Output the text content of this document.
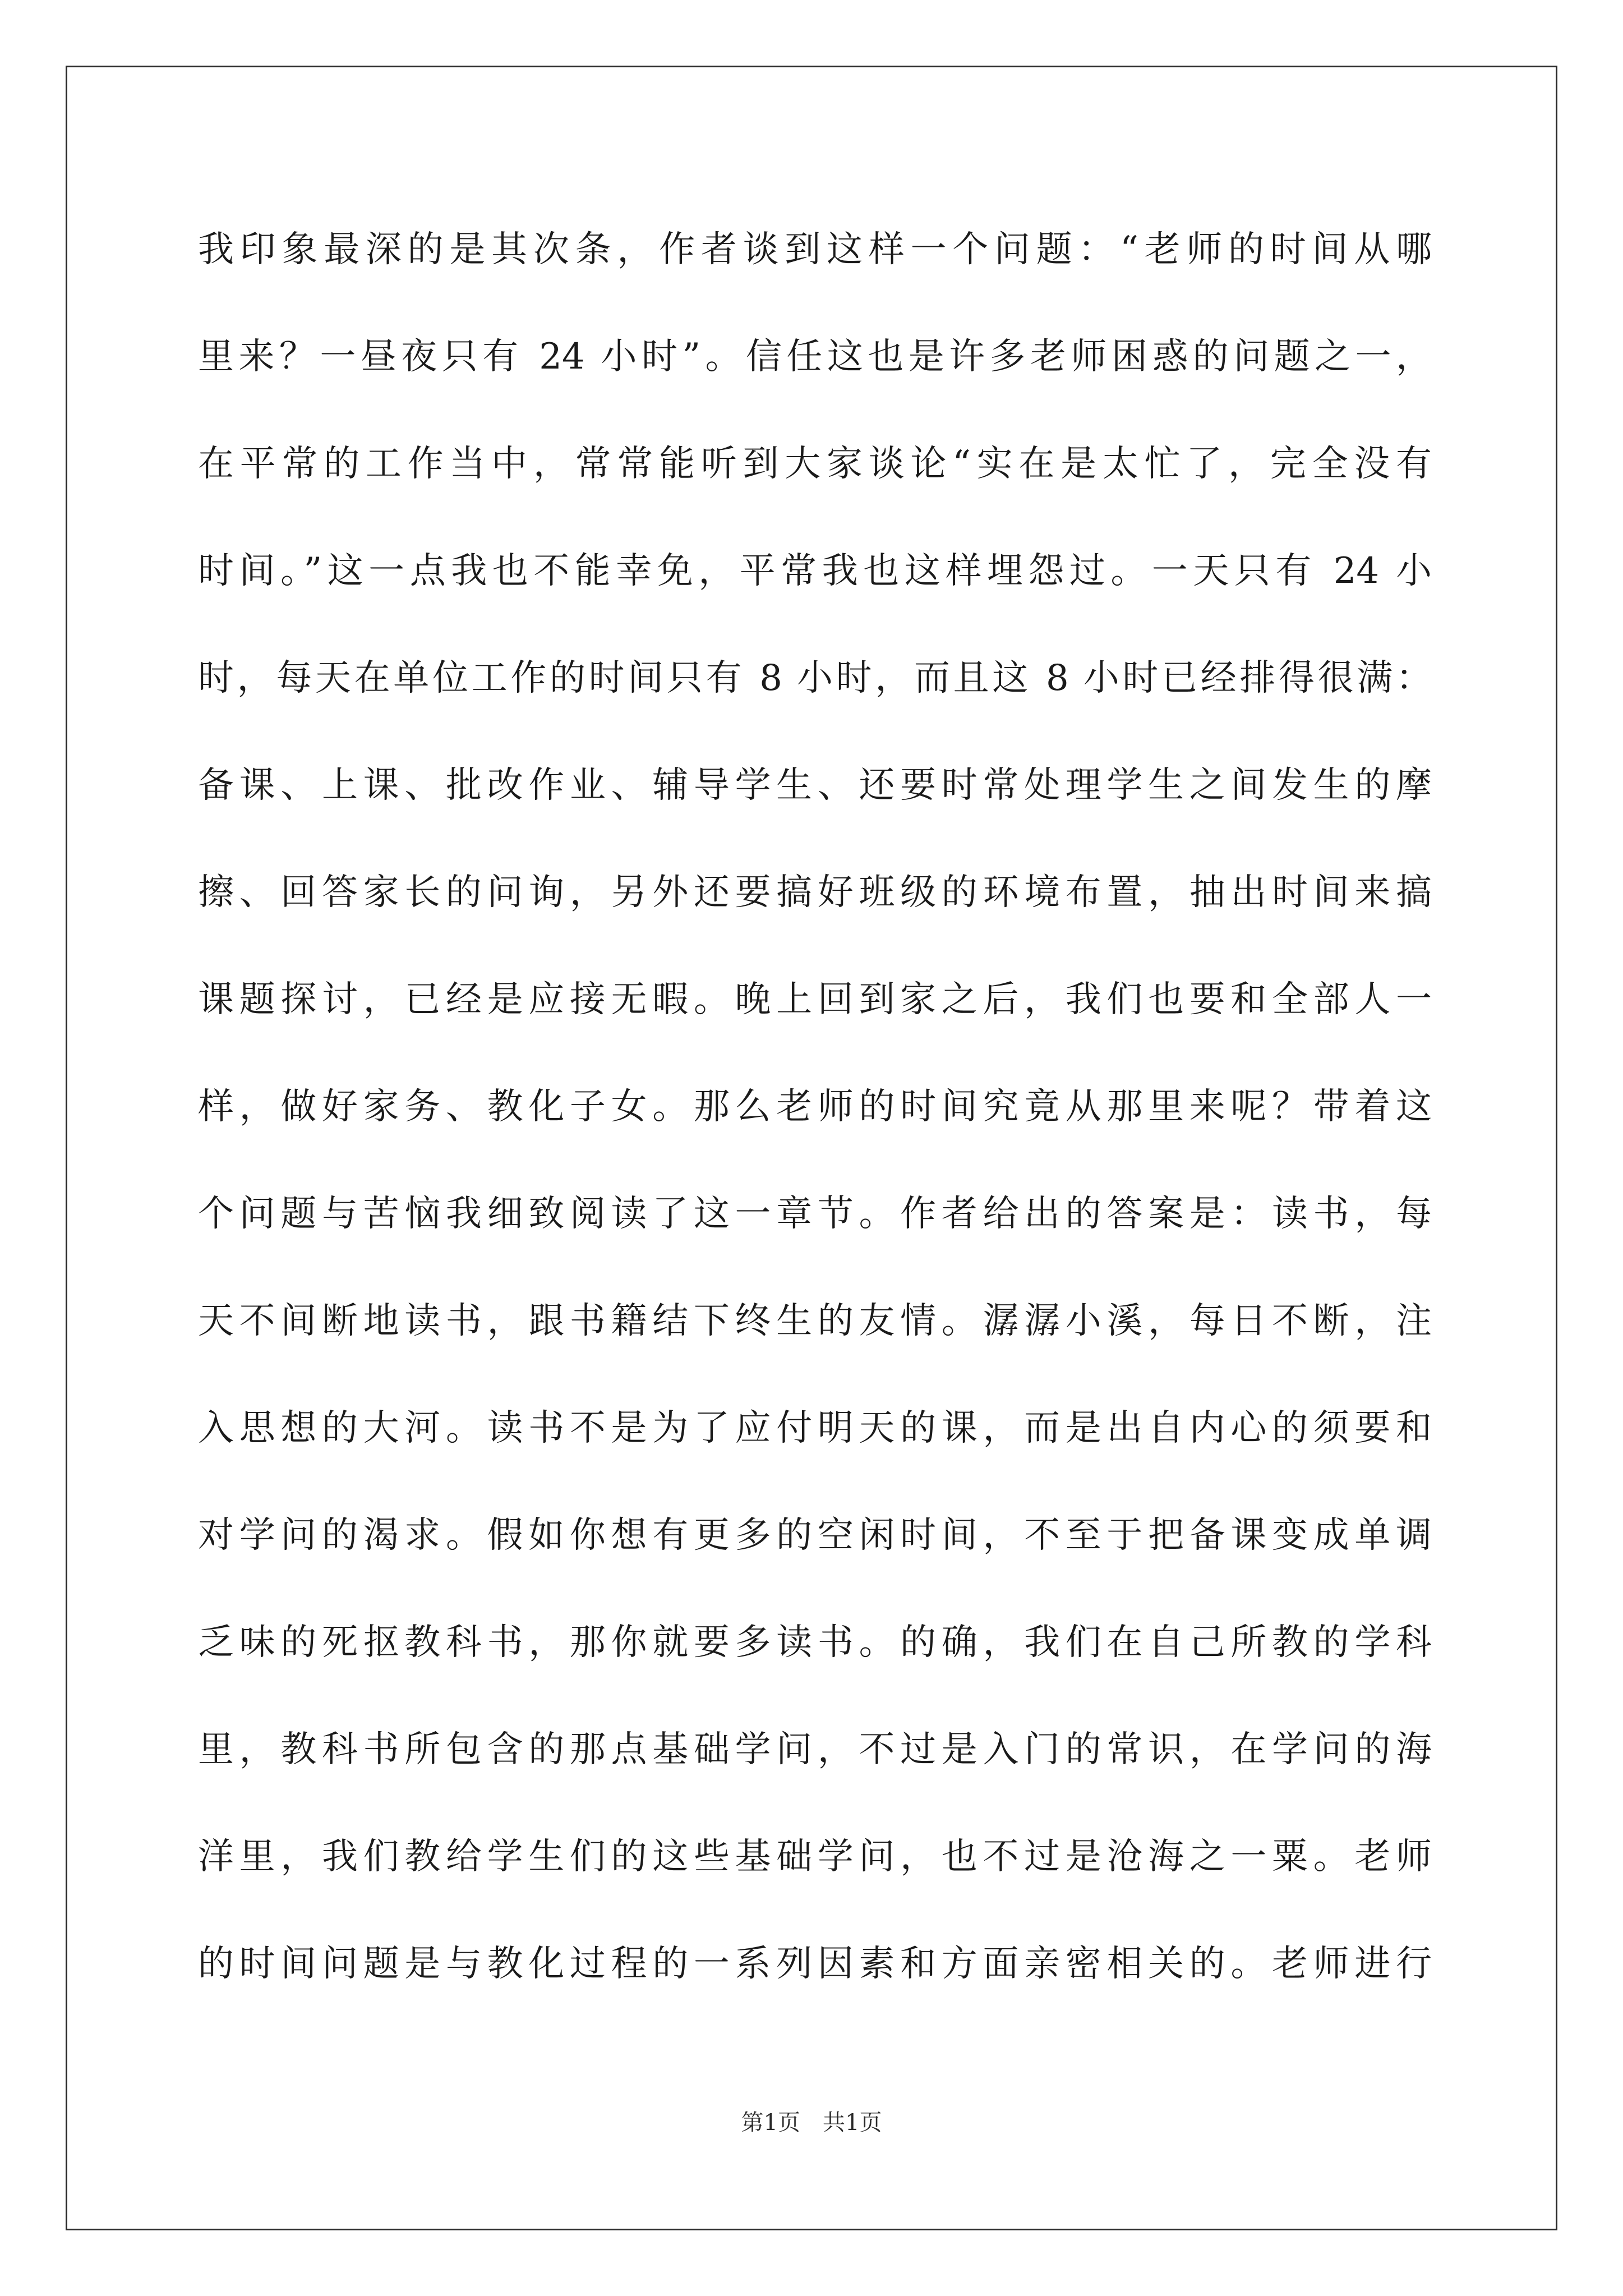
我印象最深的是其次条，作者谈到这样一个问题：“老师的时间从哪
里来？一昼夜只有 24 小时”。信任这也是许多老师困惑的问题之一，
在平常的工作当中，常常能听到大家谈论“实在是太忙了，完全没有
时间。”这一点我也不能幸免，平常我也这样埋怨过。一天只有 24 小
时，每天在单位工作的时间只有 8 小时，而且这 8 小时已经排得很满：
备课、上课、批改作业、辅导学生、还要时常处理学生之间发生的摩
擦、回答家长的问询，另外还要搞好班级的环境布置，抽出时间来搞
课题探讨，已经是应接无暇。晚上回到家之后，我们也要和全部人一
样，做好家务、教化子女。那么老师的时间究竟从那里来呢？带着这
个问题与苦恼我细致阅读了这一章节。作者给出的答案是：读书，每
天不间断地读书，跟书籍结下终生的友情。潺潺小溪，每日不断，注
入思想的大河。读书不是为了应付明天的课，而是出自内心的须要和
对学问的渴求。假如你想有更多的空闲时间，不至于把备课变成单调
乏味的死抠教科书，那你就要多读书。的确，我们在自己所教的学科
里，教科书所包含的那点基础学问，不过是入门的常识，在学问的海
洋里，我们教给学生们的这些基础学问，也不过是沧海之一粟。老师
的时间问题是与教化过程的一系列因素和方面亲密相关的。老师进行
第1页 共1页
